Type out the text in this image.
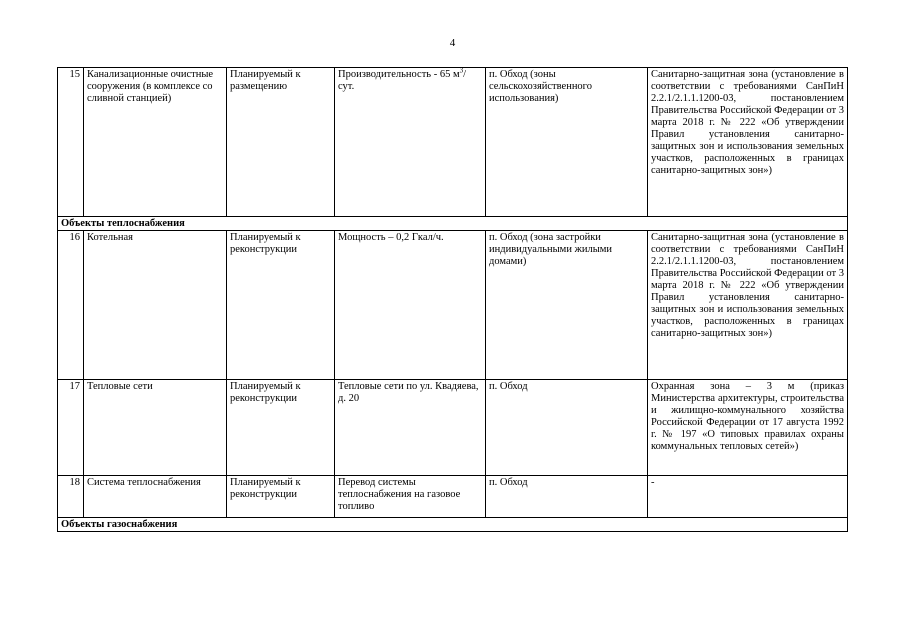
4
15	Канализационные очистные сооружения (в комплексе со сливной станцией)	Планируемый к размещению	Производительность - 65 $м^3$/сут.	п. Обход (зоны сельскохозяйственного использования)	Санитарно-защитная зона (установление в соответствии с требованиями СанПиН 2.2.1/2.1.1.1200-03, постановлением Правительства Российской Федерации от 3 марта 2018 г. № 222 «Об утверждении Правил установления санитарно-защитных зон и использования земельных участков, расположенных в границах санитарно-защитных зон»)
Объекты теплоснабжения					
16	Котельная	Планируемый к реконструкции	Мощность – 0,2 Гкал/ч.	п. Обход (зона застройки индивидуальными жилыми домами)	Санитарно-защитная зона (установление в соответствии с требованиями СанПиН 2.2.1/2.1.1.1200-03, постановлением Правительства Российской Федерации от 3 марта 2018 г. № 222 «Об утверждении Правил установления санитарно-защитных зон и использования земельных участков, расположенных в границах санитарно-защитных зон»)
17	Тепловые сети	Планируемый к реконструкции	Тепловые сети по ул. Квадяева, д. 20	п. Обход	Охранная зона – 3 м (приказ Министерства архитектуры, строительства и жилищно-коммунального хозяйства Российской Федерации от 17 августа 1992 г. № 197 «О типовых правилах охраны коммунальных тепловых сетей»)
18	Система теплоснабжения	Планируемый к реконструкции	Перевод системы теплоснабжения на газовое топливо	п. Обход	-
Объекты газоснабжения					
